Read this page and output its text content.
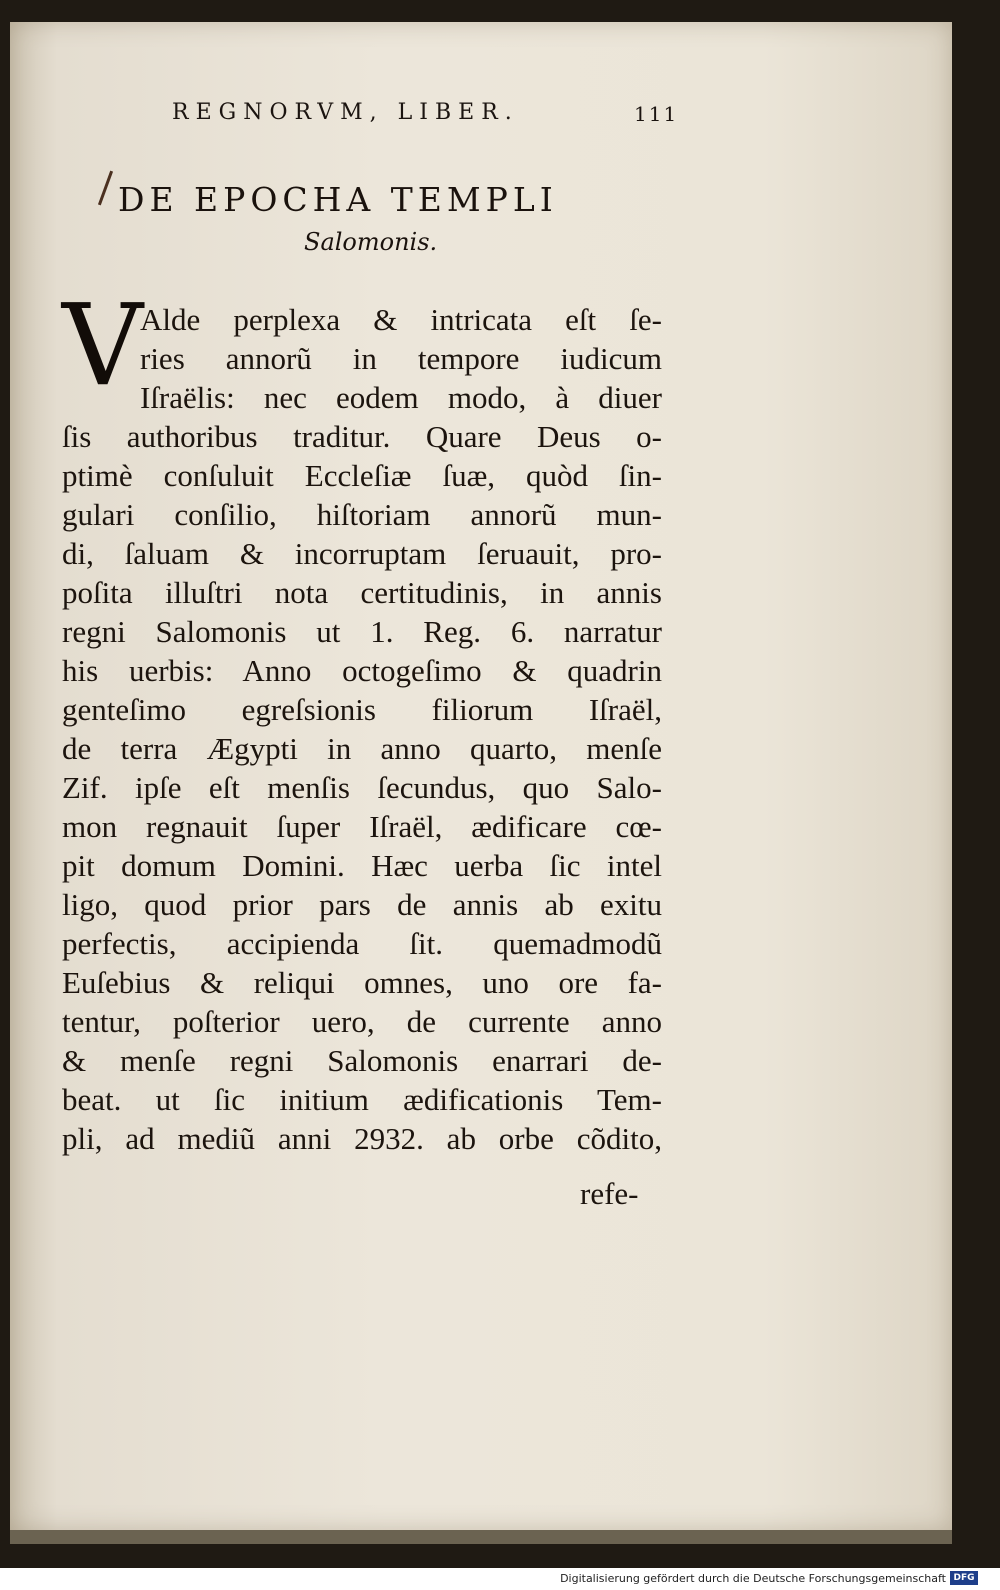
REGNORVM, LIBER.	111
DE EPOCHA TEMPLI
Salomonis.
V
Alde perplexa & intricata eſt ſe-
ries annorũ in tempore iudicum
Iſraëlis: nec eodem modo, à diuer
ſis authoribus traditur. Quare Deus o-
ptimè conſuluit Eccleſiæ ſuæ, quòd ſin-
gulari conſilio, hiſtoriam annorũ mun-
di, ſaluam & incorruptam ſeruauit, pro-
poſita illuſtri nota certitudinis, in annis
regni Salomonis ut 1. Reg. 6. narratur
his uerbis: Anno octogeſimo & quadrin
genteſimo egreſsionis filiorum Iſraël,
de terra Ægypti in anno quarto, menſe
Zif. ipſe eſt menſis ſecundus, quo Salo-
mon regnauit ſuper Iſraël, ædificare cœ-
pit domum Domini. Hæc uerba ſic intel
ligo, quod prior pars de annis ab exitu
perfectis, accipienda ſit. quemadmodũ
Euſebius & reliqui omnes, uno ore fa-
tentur, poſterior uero, de currente anno
& menſe regni Salomonis enarrari de-
beat. ut ſic initium ædificationis Tem-
pli, ad mediũ anni 2932. ab orbe cõdito,
refe-
Digitalisierung gefördert durch die Deutsche Forschungsgemeinschaft DFG
